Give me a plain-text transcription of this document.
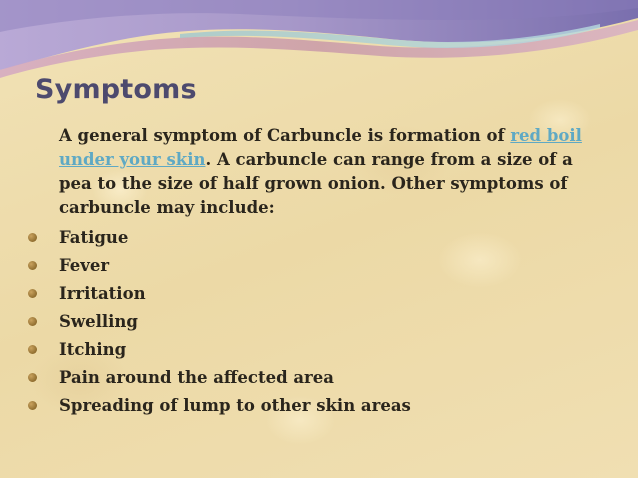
Symptoms
A general symptom of Carbuncle is formation of red boil under your skin. A carbuncle can range from a size of a pea to the size of half grown onion. Other symptoms of carbuncle may include:
Fatigue
Fever
Irritation
Swelling
Itching
Pain around the affected area
Spreading of lump to other skin areas
